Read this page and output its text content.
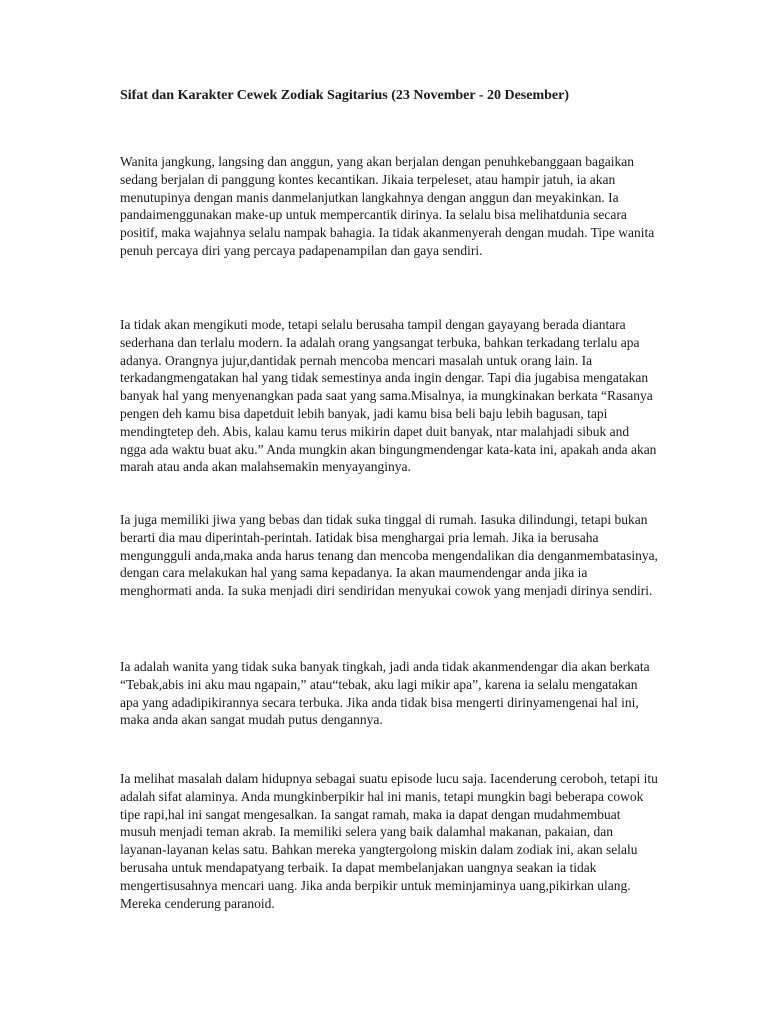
Sifat dan Karakter Cewek Zodiak Sagitarius (23 November - 20 Desember)

Wanita jangkung, langsing dan anggun, yang akan berjalan dengan penuhkebanggaan bagaikan sedang berjalan di panggung kontes kecantikan. Jikaia terpeleset, atau hampir jatuh, ia akan menutupinya dengan manis danmelanjutkan langkahnya dengan anggun dan meyakinkan. Ia pandaimenggunakan make-up untuk mempercantik dirinya. Ia selalu bisa melihatdunia secara positif, maka wajahnya selalu nampak bahagia. Ia tidak akanmenyerah dengan mudah. Tipe wanita penuh percaya diri yang percaya padapenampilan dan gaya sendiri.

Ia tidak akan mengikuti mode, tetapi selalu berusaha tampil dengan gayayang berada diantara sederhana dan terlalu modern. Ia adalah orang yangsangat terbuka, bahkan terkadang terlalu apa adanya. Orangnya jujur,dantidak pernah mencoba mencari masalah untuk orang lain. Ia terkadangmengatakan hal yang tidak semestinya anda ingin dengar. Tapi dia jugabisa mengatakan banyak hal yang menyenangkan pada saat yang sama.Misalnya, ia mungkinakan berkata “Rasanya pengen deh kamu bisa dapetduit lebih banyak, jadi kamu bisa beli baju lebih bagusan, tapi mendingtetep deh. Abis, kalau kamu terus mikirin dapet duit banyak, ntar malahjadi sibuk and ngga ada waktu buat aku.” Anda mungkin akan bingungmendengar kata-kata ini, apakah anda akan marah atau anda akan malahsemakin menyayanginya.

Ia juga memiliki jiwa yang bebas dan tidak suka tinggal di rumah. Iasuka dilindungi, tetapi bukan berarti dia mau diperintah-perintah. Iatidak bisa menghargai pria lemah. Jika ia berusaha mengungguli anda,maka anda harus tenang dan mencoba mengendalikan dia denganmembatasinya, dengan cara melakukan hal yang sama kepadanya. Ia akan maumendengar anda jika ia menghormati anda. Ia suka menjadi diri sendiridan menyukai cowok yang menjadi dirinya sendiri.

Ia adalah wanita yang tidak suka banyak tingkah, jadi anda tidak akanmendengar dia akan berkata “Tebak,abis ini aku mau ngapain,” atau“tebak, aku lagi mikir apa”, karena ia selalu mengatakan apa yang adadipikirannya secara terbuka. Jika anda tidak bisa mengerti dirinyamengenai hal ini, maka anda akan sangat mudah putus dengannya.

Ia melihat masalah dalam hidupnya sebagai suatu episode lucu saja. Iacenderung ceroboh, tetapi itu adalah sifat alaminya. Anda mungkinberpikir hal ini manis, tetapi mungkin bagi beberapa cowok tipe rapi,hal ini sangat mengesalkan. Ia sangat ramah, maka ia dapat dengan mudahmembuat musuh menjadi teman akrab. Ia memiliki selera yang baik dalamhal makanan, pakaian, dan layanan-layanan kelas satu. Bahkan mereka yangtergolong miskin dalam zodiak ini, akan selalu berusaha untuk mendapatyang terbaik. Ia dapat membelanjakan uangnya seakan ia tidak mengertisusahnya mencari uang. Jika anda berpikir untuk meminjaminya uang,pikirkan ulang. Mereka cenderung paranoid.
